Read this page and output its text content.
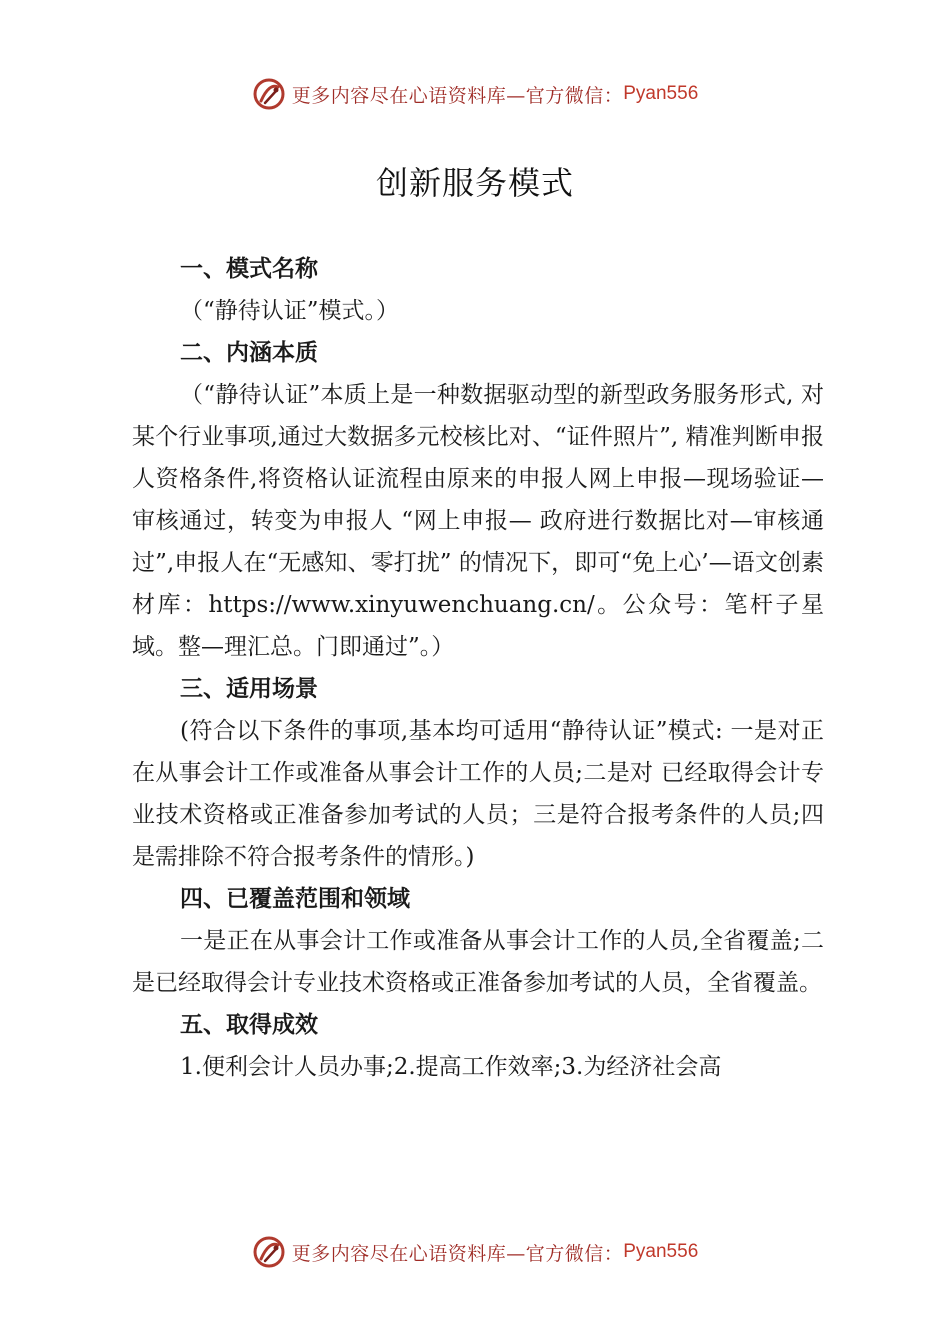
更多内容尽在心语资料库—官方微信： Pyan556
创新服务模式
一、模式名称

（“静待认证”模式。）

二、内涵本质

（“静待认证”本质上是一种数据驱动型的新型政务服务形式, 对某个行业事项,通过大数据多元校核比对、“证件照片”, 精准判断申报人资格条件,将资格认证流程由原来的申报人网上申报—现场验证—审核通过，转变为申报人 “网上申报— 政府进行数据比对—审核通过”,申报人在“无感知、零打扰” 的情况下，即可“免上心’—语文创素材库：https://www.xinyuwenchuang.cn/。公众号：笔杆子星域。整—理汇总。门即通过”。）

三、适用场景

(符合以下条件的事项,基本均可适用“静待认证”模式: 一是对正在从事会计工作或准备从事会计工作的人员;二是对 已经取得会计专业技术资格或正准备参加考试的人员；三是符合报考条件的人员;四是需排除不符合报考条件的情形。)

四、已覆盖范围和领域

一是正在从事会计工作或准备从事会计工作的人员,全省覆盖;二是已经取得会计专业技术资格或正准备参加考试的人员，全省覆盖。

五、取得成效

1.便利会计人员办事;2.提高工作效率;3.为经济社会高

更多内容尽在心语资料库—官方微信： Pyan556
